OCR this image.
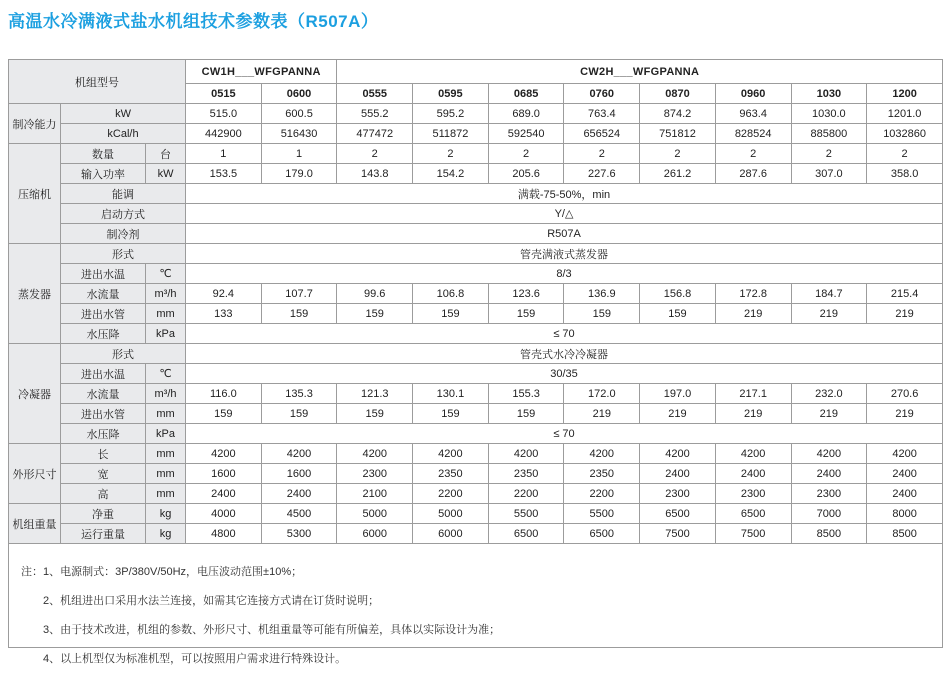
高温水冷满液式盐水机组技术参数表（R507A）
机组型号			CW1H___WFGPANNA		CW2H___WFGPANNA							
			0515	0600	0555	0595	0685	0760	0870	0960	1030	1200
制冷能力	kW		515.0	600.5	555.2	595.2	689.0	763.4	874.2	963.4	1030.0	1201.0
	kCal/h		442900	516430	477472	511872	592540	656524	751812	828524	885800	1032860
压缩机	数量	台	1	1	2	2	2	2	2	2	2	2
	输入功率	kW	153.5	179.0	143.8	154.2	205.6	227.6	261.2	287.6	307.0	358.0
	能调		满载-75-50%，min									
	启动方式		Y/△									
	制冷剂		R507A									
蒸发器	形式		管壳满液式蒸发器									
	进出水温	℃	8/3									
	水流量	m³/h	92.4	107.7	99.6	106.8	123.6	136.9	156.8	172.8	184.7	215.4
	进出水管	mm	133	159	159	159	159	159	159	219	219	219
	水压降	kPa	≤ 70									
冷凝器	形式		管壳式水冷冷凝器									
	进出水温	℃	30/35									
	水流量	m³/h	116.0	135.3	121.3	130.1	155.3	172.0	197.0	217.1	232.0	270.6
	进出水管	mm	159	159	159	159	159	219	219	219	219	219
	水压降	kPa	≤ 70									
外形尺寸	长	mm	4200	4200	4200	4200	4200	4200	4200	4200	4200	4200
	宽	mm	1600	1600	2300	2350	2350	2350	2400	2400	2400	2400
	高	mm	2400	2400	2100	2200	2200	2200	2300	2300	2300	2400
机组重量	净重	kg	4000	4500	5000	5000	5500	5500	6500	6500	7000	8000
	运行重量	kg	4800	5300	6000	6000	6500	6500	7500	7500	8500	8500
注： 1、电源制式：3P/380V/50Hz，电压波动范围±10%；
2、机组进出口采用水法兰连接，如需其它连接方式请在订货时说明；
3、由于技术改进，机组的参数、外形尺寸、机组重量等可能有所偏差，具体以实际设计为准；
4、以上机型仅为标准机型，可以按照用户需求进行特殊设计。
